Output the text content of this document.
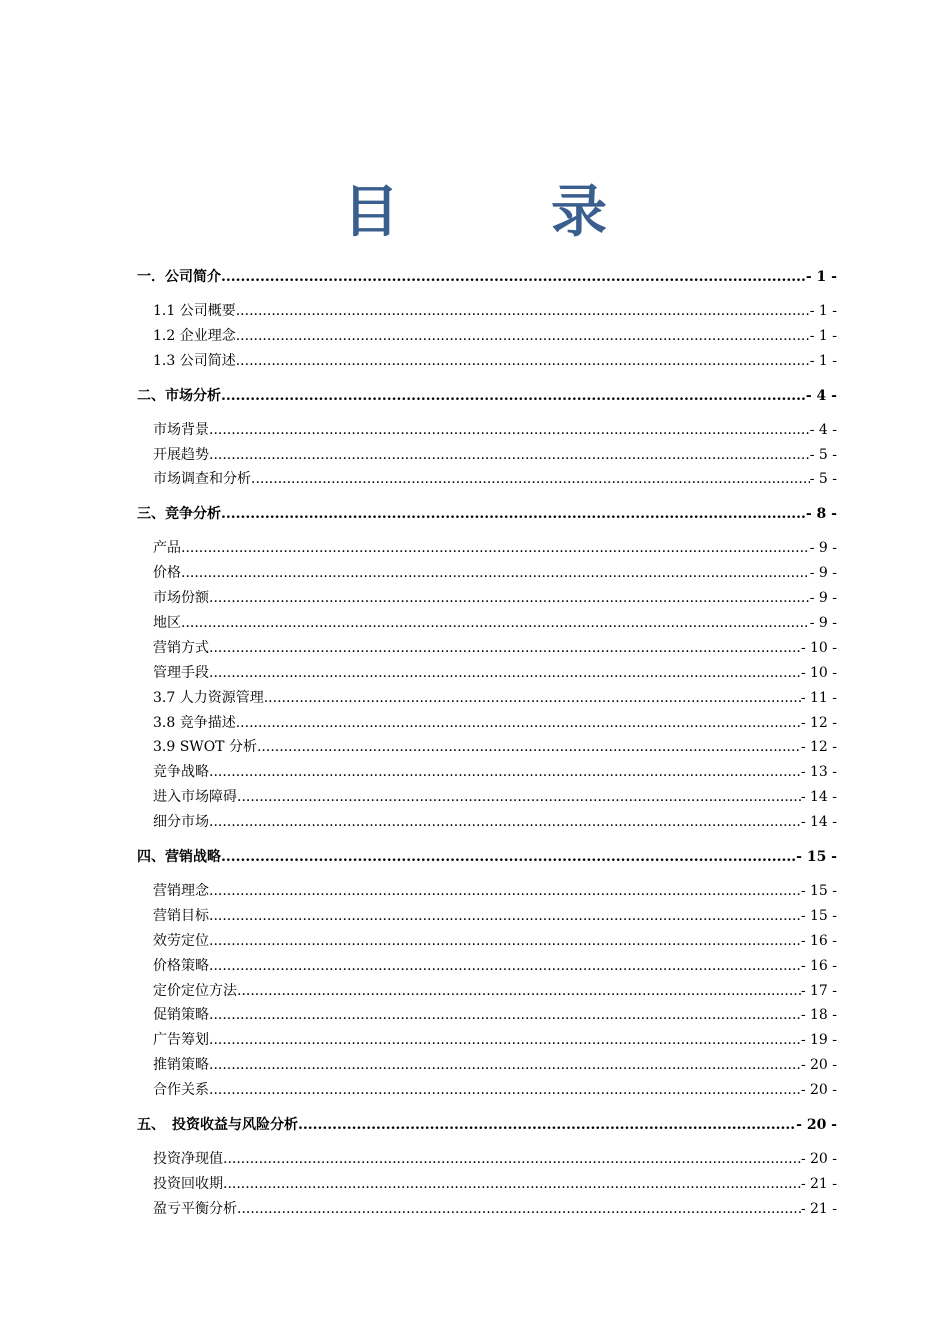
目　录
一．公司简介 .....	- 1 -
1.1 公司概要 .....	- 1 -
1.2 企业理念 .....	- 1 -
1.3 公司简述 .....	- 1 -
二、市场分析 .....	- 4 -
市场背景 .....	- 4 -
开展趋势 .....	- 5 -
市场调查和分析 .....	- 5 -
三、竞争分析 .....	- 8 -
产品 .....	- 9 -
价格 .....	- 9 -
市场份额 .....	- 9 -
地区 .....	- 9 -
营销方式 .....	- 10 -
管理手段 .....	- 10 -
3.7 人力资源管理 .....	- 11 -
3.8 竞争描述 .....	- 12 -
3.9 SWOT 分析 .....	- 12 -
竞争战略 .....	- 13 -
进入市场障碍 .....	- 14 -
细分市场 .....	- 14 -
四、营销战略 .....	- 15 -
营销理念 .....	- 15 -
营销目标 .....	- 15 -
效劳定位 .....	- 16 -
价格策略 .....	- 16 -
定价定位方法 .....	- 17 -
促销策略 .....	- 18 -
广告筹划 .....	- 19 -
推销策略 .....	- 20 -
合作关系 .....	- 20 -
五、　投资收益与风险分析 .....	- 20 -
投资净现值 .....	- 20 -
投资回收期 .....	- 21 -
盈亏平衡分析 .....	- 21 -
